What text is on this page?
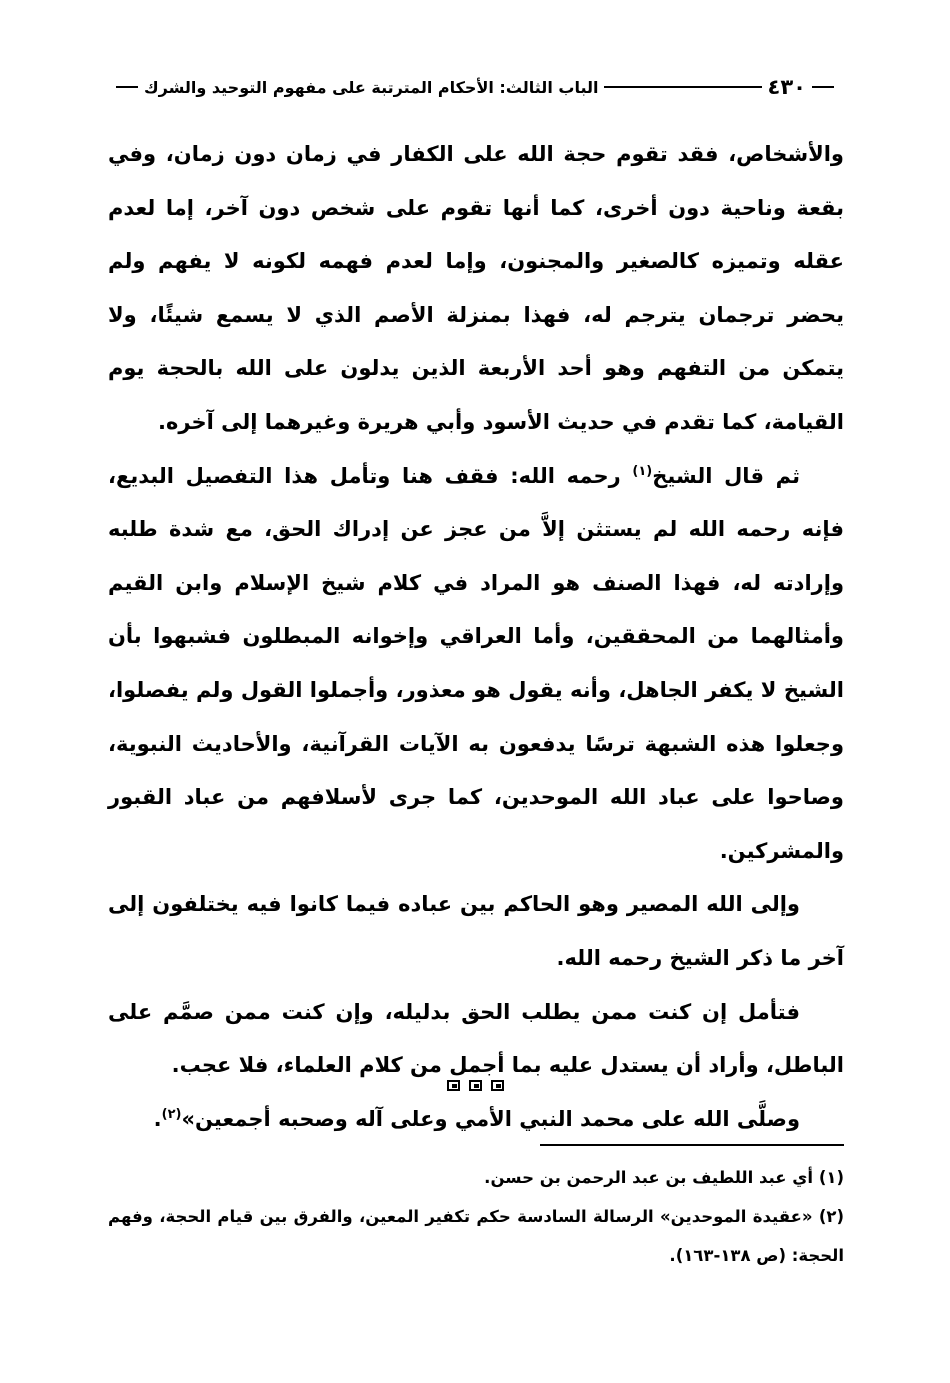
٤٣٠
الباب الثالث: الأحكام المترتبة على مفهوم التوحيد والشرك

والأشخاص، فقد تقوم حجة الله على الكفار في زمان دون زمان، وفي بقعة وناحية دون أخرى، كما أنها تقوم على شخص دون آخر، إما لعدم عقله وتميزه كالصغير والمجنون، وإما لعدم فهمه لكونه لا يفهم ولم يحضر ترجمان يترجم له، فهذا بمنزلة الأصم الذي لا يسمع شيئًا، ولا يتمكن من التفهم وهو أحد الأربعة الذين يدلون على الله بالحجة يوم القيامة، كما تقدم في حديث الأسود وأبي هريرة وغيرهما إلى آخره.

ثم قال الشيخ$^{(١)}$ رحمه الله: فقف هنا وتأمل هذا التفصيل البديع، فإنه رحمه الله لم يستثن إلاَّ من عجز عن إدراك الحق، مع شدة طلبه وإرادته له، فهذا الصنف هو المراد في كلام شيخ الإسلام وابن القيم وأمثالهما من المحققين، وأما العراقي وإخوانه المبطلون فشبهوا بأن الشيخ لا يكفر الجاهل، وأنه يقول هو معذور، وأجملوا القول ولم يفصلوا، وجعلوا هذه الشبهة ترسًا يدفعون به الآيات القرآنية، والأحاديث النبوية، وصاحوا على عباد الله الموحدين، كما جرى لأسلافهم من عباد القبور والمشركين.

وإلى الله المصير وهو الحاكم بين عباده فيما كانوا فيه يختلفون إلى آخر ما ذكر الشيخ رحمه الله.

فتأمل إن كنت ممن يطلب الحق بدليله، وإن كنت ممن صمَّم على الباطل، وأراد أن يستدل عليه بما أجمل من كلام العلماء، فلا عجب.

وصلَّى الله على محمد النبي الأمي وعلى آله وصحبه أجمعين»$^{(٢)}$.

(١) أي عبد اللطيف بن عبد الرحمن بن حسن.

(٢) «عقيدة الموحدين» الرسالة السادسة حكم تكفير المعين، والفرق بين قيام الحجة، وفهم الحجة: (ص ١٣٨-١٦٣).
